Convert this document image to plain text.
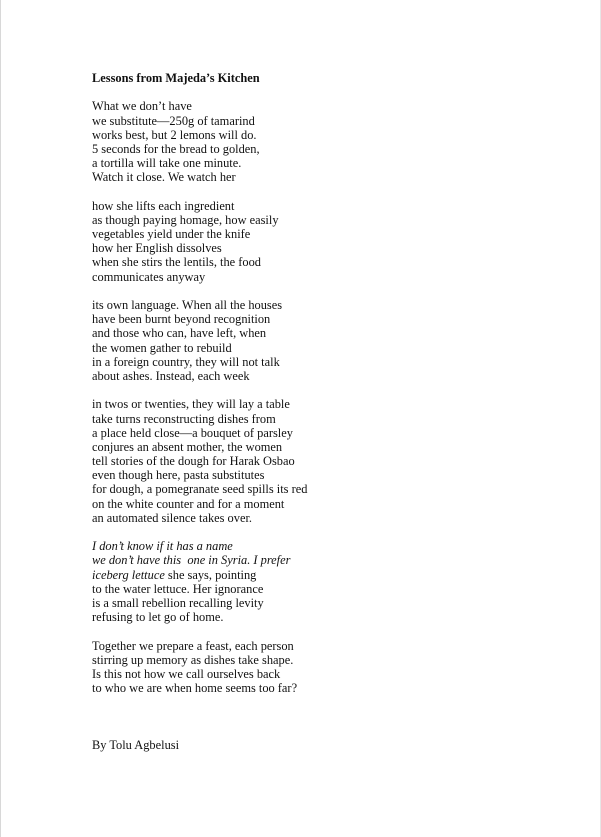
Lessons from Majeda’s Kitchen
What we don’t have
we substitute—250g of tamarind
works best, but 2 lemons will do.
5 seconds for the bread to golden,
a tortilla will take one minute.
Watch it close. We watch her
how she lifts each ingredient
as though paying homage, how easily
vegetables yield under the knife
how her English dissolves
when she stirs the lentils, the food
communicates anyway
its own language. When all the houses
have been burnt beyond recognition
and those who can, have left, when
the women gather to rebuild
in a foreign country, they will not talk
about ashes. Instead, each week
in twos or twenties, they will lay a table
take turns reconstructing dishes from
a place held close—a bouquet of parsley
conjures an absent mother, the women
tell stories of the dough for Harak Osbao
even though here, pasta substitutes
for dough, a pomegranate seed spills its red
on the white counter and for a moment
an automated silence takes over.
I don’t know if it has a name
we don’t have this  one in Syria. I prefer
iceberg lettuce she says, pointing
to the water lettuce. Her ignorance
is a small rebellion recalling levity
refusing to let go of home.
Together we prepare a feast, each person
stirring up memory as dishes take shape.
Is this not how we call ourselves back
to who we are when home seems too far?
By Tolu Agbelusi
